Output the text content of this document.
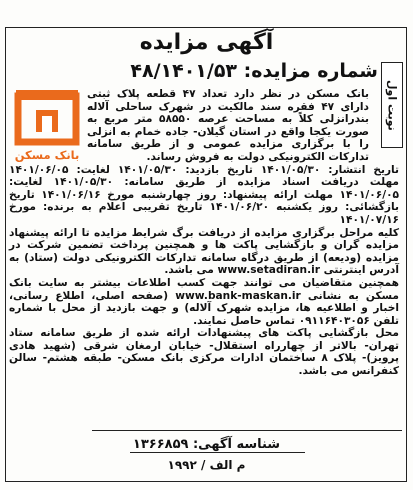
آگهی مزایده
نوبت اول
شماره مزایده: ۴۸/۱۴۰۱/۵۳
بانک مسکن

بانک مسکن در نظر دارد تعداد ۴۷ قطعه پلاک ثبتی دارای ۴۷ فقره سند مالکیت در شهرک ساحلی آلاله بندرانزلی کلاً به مساحت عرصه ۵۸۵۵۰ متر مربع به صورت یکجا واقع در استان گیلان- جاده خمام به انزلی را با برگزاری مزایده عمومی و از طریق سامانه تدارکات الکترونیکی دولت به فروش رساند.

تاریخ انتشار: ۱۴۰۱/۰۵/۳۰ تاریخ بازدید: ۱۴۰۱/۰۵/۳۰ لغایت: ۱۴۰۱/۰۶/۰۵ مهلت دریافت اسناد مزایده از طریق سامانه: ۱۴۰۱/۰۵/۳۰ لغایت: ۱۴۰۱/۰۶/۰۵ مهلت ارائه پیشنهاد: روز چهارشنبه مورخ ۱۴۰۱/۰۶/۱۶ تاریخ بازگشائی: روز یکشنبه ۱۴۰۱/۰۶/۲۰ تاریخ تقریبی اعلام به برنده: مورخ ۱۴۰۱/۰۷/۱۶

کلیه مراحل برگزاری مزایده از دریافت برگ شرایط مزایده تا ارائه پیشنهاد مزایده گران و بازگشایی پاکت ها و همچنین پرداخت تضمین شرکت در مزایده (ودیعه) از طریق درگاه سامانه تدارکات الکترونیکی دولت (ستاد) به آدرس اینترنتی www.setadiran.ir می باشد.

همچنین متقاضیان می توانند جهت کسب اطلاعات بیشتر به سایت بانک مسکن به نشانی www.bank-maskan.ir (صفحه اصلی، اطلاع رسانی، اخبار و اطلاعیه ها، مزایده شهرک آلاله) و جهت بازدید از محل با شماره تلفن ۰۹۱۱۶۴۰۳۰۵۶ تماس حاصل نمایند.

محل بازگشایی پاکت های پیشنهادات ارائه شده از طریق سامانه ستاد تهران- بالاتر از چهارراه استقلال- خیابان ارمغان شرقی (شهید هادی پرویز)- پلاک ۸ ساختمان ادارات مرکزی بانک مسکن- طبقه هشتم- سالن کنفرانس می باشد.

شناسه آگهی: ۱۳۶۶۸۵۹
م الف / ۱۹۹۲
